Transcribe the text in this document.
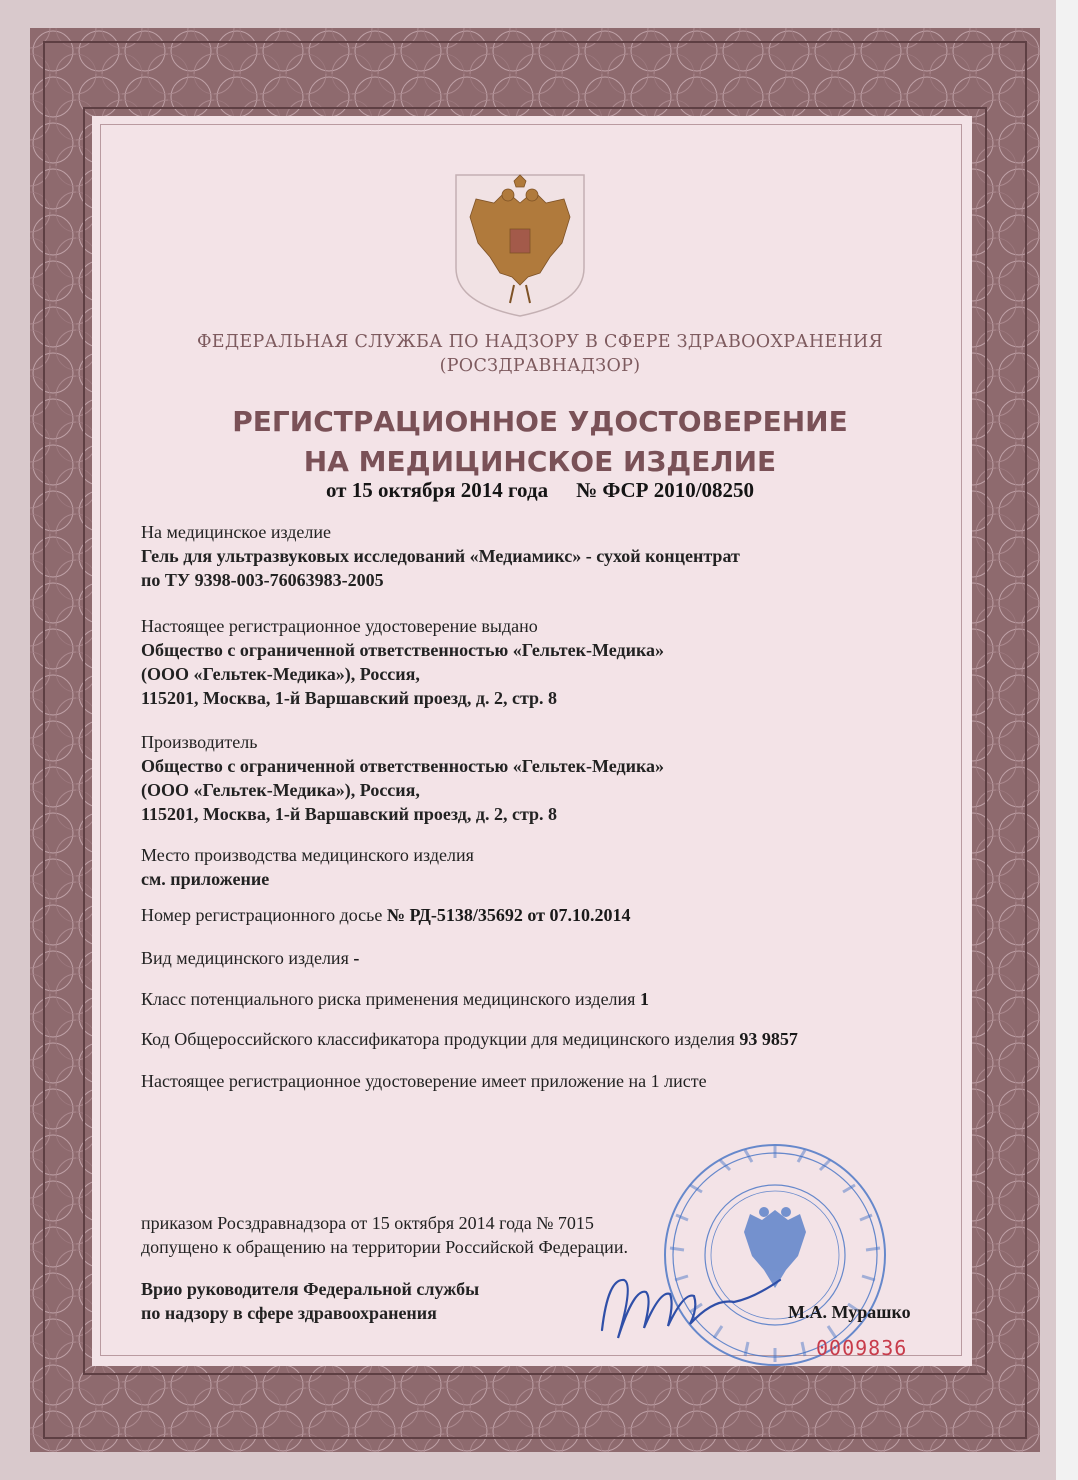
ФЕДЕРАЛЬНАЯ СЛУЖБА ПО НАДЗОРУ В СФЕРЕ ЗДРАВООХРАНЕНИЯ
(РОСЗДРАВНАДЗОР)
РЕГИСТРАЦИОННОЕ УДОСТОВЕРЕНИЕ
НА МЕДИЦИНСКОЕ ИЗДЕЛИЕ
от 15 октября 2014 года № ФСР 2010/08250
На медицинское изделие
Гель для ультразвуковых исследований «Медиамикс» - сухой концентрат
по ТУ 9398-003-76063983-2005
Настоящее регистрационное удостоверение выдано
Общество с ограниченной ответственностью «Гельтек-Медика»
(ООО «Гельтек-Медика»), Россия,
115201, Москва, 1-й Варшавский проезд, д. 2, стр. 8
Производитель
Общество с ограниченной ответственностью «Гельтек-Медика»
(ООО «Гельтек-Медика»), Россия,
115201, Москва, 1-й Варшавский проезд, д. 2, стр. 8
Место производства медицинского изделия
см. приложение
Номер регистрационного досье № РД-5138/35692 от 07.10.2014
Вид медицинского изделия -
Класс потенциального риска применения медицинского изделия 1
Код Общероссийского классификатора продукции для медицинского изделия 93 9857
Настоящее регистрационное удостоверение имеет приложение на 1 листе
приказом Росздравнадзора от 15 октября 2014 года № 7015
допущено к обращению на территории Российской Федерации.
Врио руководителя Федеральной службы
по надзору в сфере здравоохранения	М.А. Мурашко
0009836
